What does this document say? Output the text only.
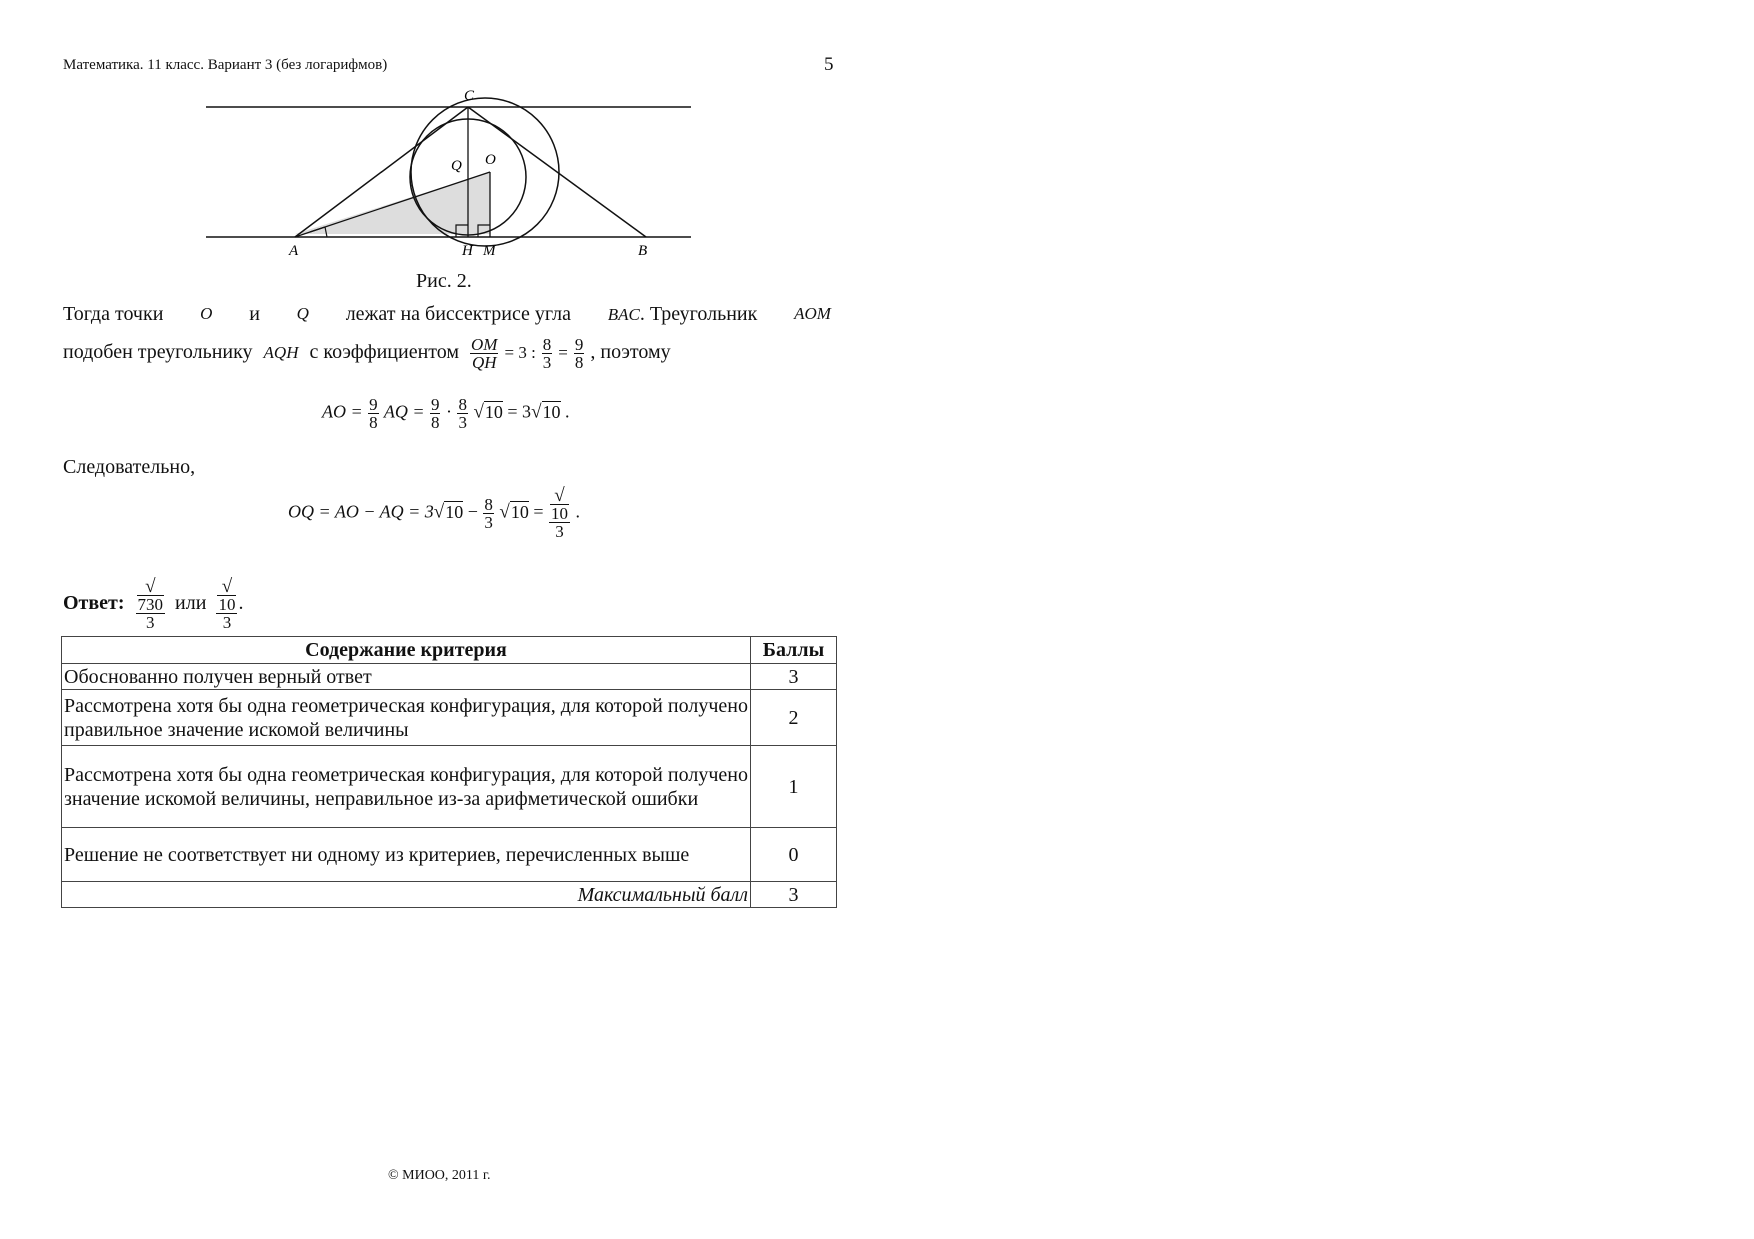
Математика. 11 класс. Вариант 3 (без логарифмов)	5
C
Q O
A	H M	B
Рис. 2.
Тогда точки O и Q лежат на биссектрисе угла BAC. Треугольник AOM
подобен треугольнику AQH с коэффициентом $\frac{OM}{QH} = 3$ : $\frac{8}{3} = \frac{9}{8}$ , поэтому
AO = $\frac{9}{8}$ AQ = $\frac{9}{8} \cdot \frac{8}{3} √10 = 3√10$ .
Следовательно,
OQ = AO − AQ = $3√10 - \frac{8}{3} √10$ = √
10
3 .
Ответ: √
730
3 или √
10
3 .
Содержание критерия	Баллы
Обоснованно получен верный ответ	3
Рассмотрена хотя бы одна геометрическая конфигурация, для которой получено правильное значение искомой величины	2
Рассмотрена хотя бы одна геометрическая конфигурация, для которой получено значение искомой величины, неправильное из-за арифметической ошибки	1
Решение не соответствует ни одному из критериев, перечисленных выше	0
Максимальный балл	3
© МИОО, 2011 г.
